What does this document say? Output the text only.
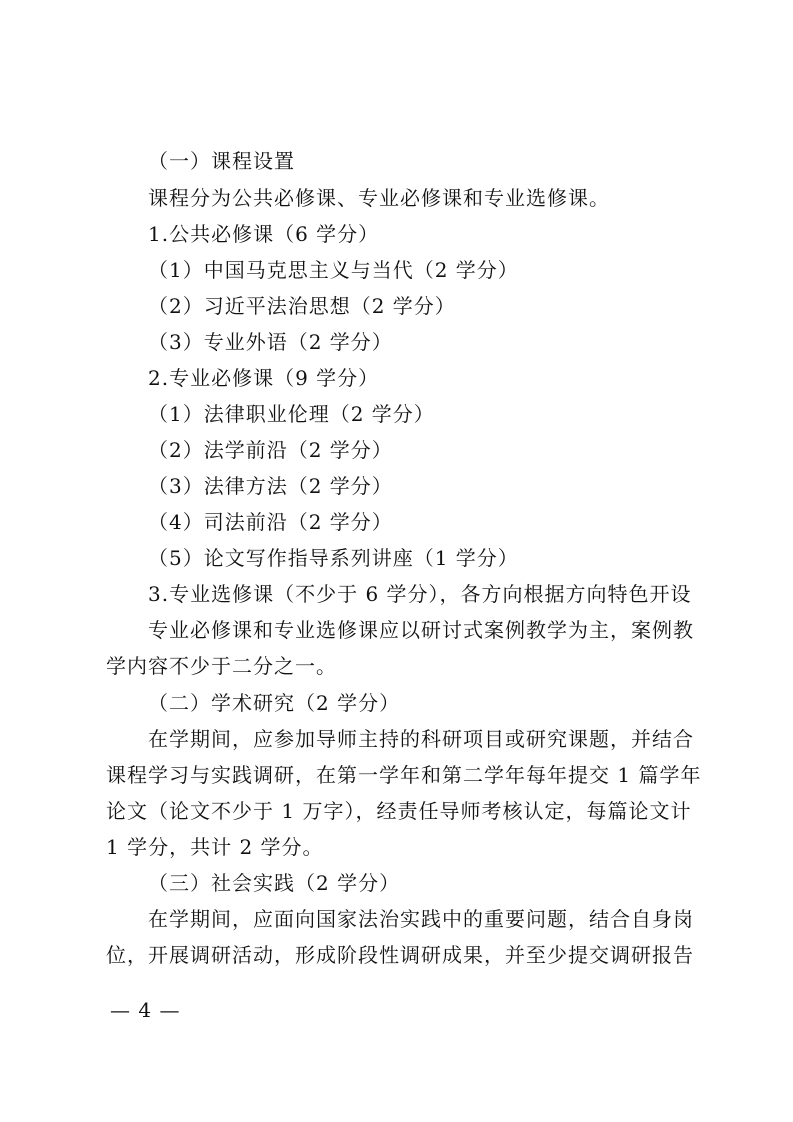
（一）课程设置
课程分为公共必修课、专业必修课和专业选修课。
1.公共必修课（6 学分）
（1）中国马克思主义与当代（2 学分）
（2）习近平法治思想（2 学分）
（3）专业外语（2 学分）
2.专业必修课（9 学分）
（1）法律职业伦理（2 学分）
（2）法学前沿（2 学分）
（3）法律方法（2 学分）
（4）司法前沿（2 学分）
（5）论文写作指导系列讲座（1 学分）
3.专业选修课（不少于 6 学分），各方向根据方向特色开设
专业必修课和专业选修课应以研讨式案例教学为主，案例教
学内容不少于二分之一。
（二）学术研究（2 学分）
在学期间，应参加导师主持的科研项目或研究课题，并结合
课程学习与实践调研，在第一学年和第二学年每年提交 1 篇学年
论文（论文不少于 1 万字），经责任导师考核认定，每篇论文计
1 学分，共计 2 学分。
（三）社会实践（2 学分）
在学期间，应面向国家法治实践中的重要问题，结合自身岗
位，开展调研活动，形成阶段性调研成果，并至少提交调研报告
— 4 —
